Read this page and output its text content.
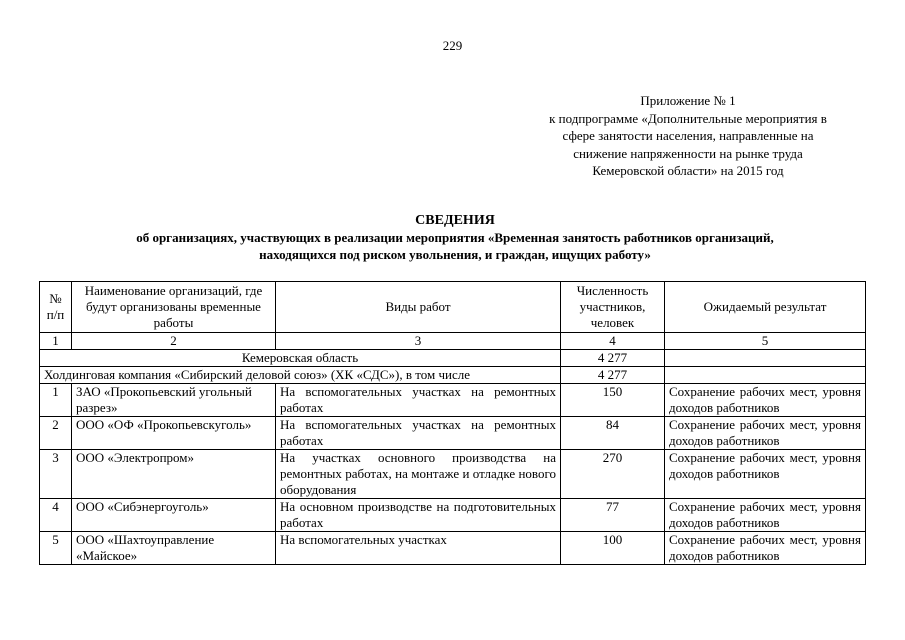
229
Приложение № 1
к подпрограмме «Дополнительные мероприятия в
сфере занятости населения, направленные на
снижение напряженности на рынке труда
Кемеровской области» на 2015 год
СВЕДЕНИЯ
об организациях, участвующих в реализации мероприятия «Временная занятость работников организаций,
находящихся под риском увольнения, и граждан, ищущих работу»
№ п/п	Наименование организаций, где будут организованы временные работы	Виды работ	Численность участников, человек	Ожидаемый результат
1	2	3	4	5
Кемеровская область			4 277	
Холдинговая компания «Сибирский деловой союз» (ХК «СДС»), в том числе			4 277	
1	ЗАО «Прокопьевский угольный разрез»	На вспомогательных участках на ремонтных работах	150	Сохранение рабочих мест, уровня доходов работников
2	ООО «ОФ «Прокопьевскуголь»	На вспомогательных участках на ремонтных работах	84	Сохранение рабочих мест, уровня доходов работников
3	ООО «Электропром»	На участках основного производства на ремонтных работах, на монтаже и отладке нового оборудования	270	Сохранение рабочих мест, уровня доходов работников
4	ООО «Сибэнергоуголь»	На основном производстве на подготовительных работах	77	Сохранение рабочих мест, уровня доходов работников
5	ООО «Шахтоуправление «Майское»	На вспомогательных участках	100	Сохранение рабочих мест, уровня доходов работников
